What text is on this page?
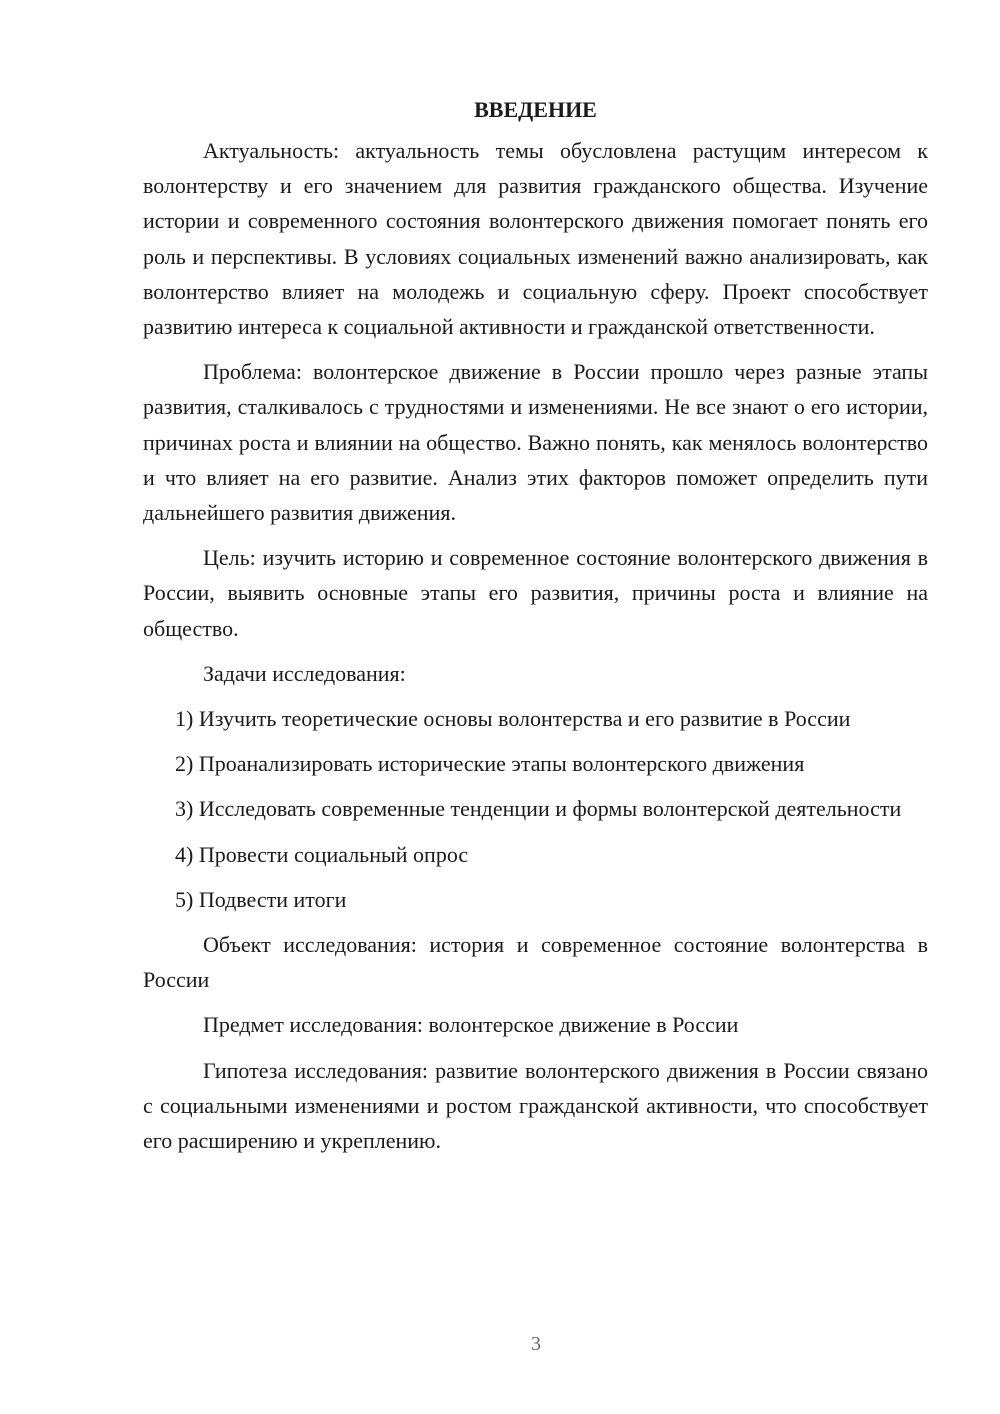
ВВЕДЕНИЕ

Актуальность: актуальность темы обусловлена растущим интересом к волонтерству и его значением для развития гражданского общества. Изучение истории и современного состояния волонтерского движения помогает понять его роль и перспективы. В условиях социальных изменений важно анализировать, как волонтерство влияет на молодежь и социальную сферу. Проект способствует развитию интереса к социальной активности и гражданской ответственности.

Проблема: волонтерское движение в России прошло через разные этапы развития, сталкивалось с трудностями и изменениями. Не все знают о его истории, причинах роста и влиянии на общество. Важно понять, как менялось волонтерство и что влияет на его развитие. Анализ этих факторов поможет определить пути дальнейшего развития движения.

Цель: изучить историю и современное состояние волонтерского движения в России, выявить основные этапы его развития, причины роста и влияние на общество.

Задачи исследования:

1) Изучить теоретические основы волонтерства и его развитие в России

2) Проанализировать исторические этапы волонтерского движения

3) Исследовать современные тенденции и формы волонтерской деятельности

4) Провести социальный опрос

5) Подвести итоги

Объект исследования: история и современное состояние волонтерства в России

Предмет исследования: волонтерское движение в России

Гипотеза исследования: развитие волонтерского движения в России связано с социальными изменениями и ростом гражданской активности, что способствует его расширению и укреплению.

3
